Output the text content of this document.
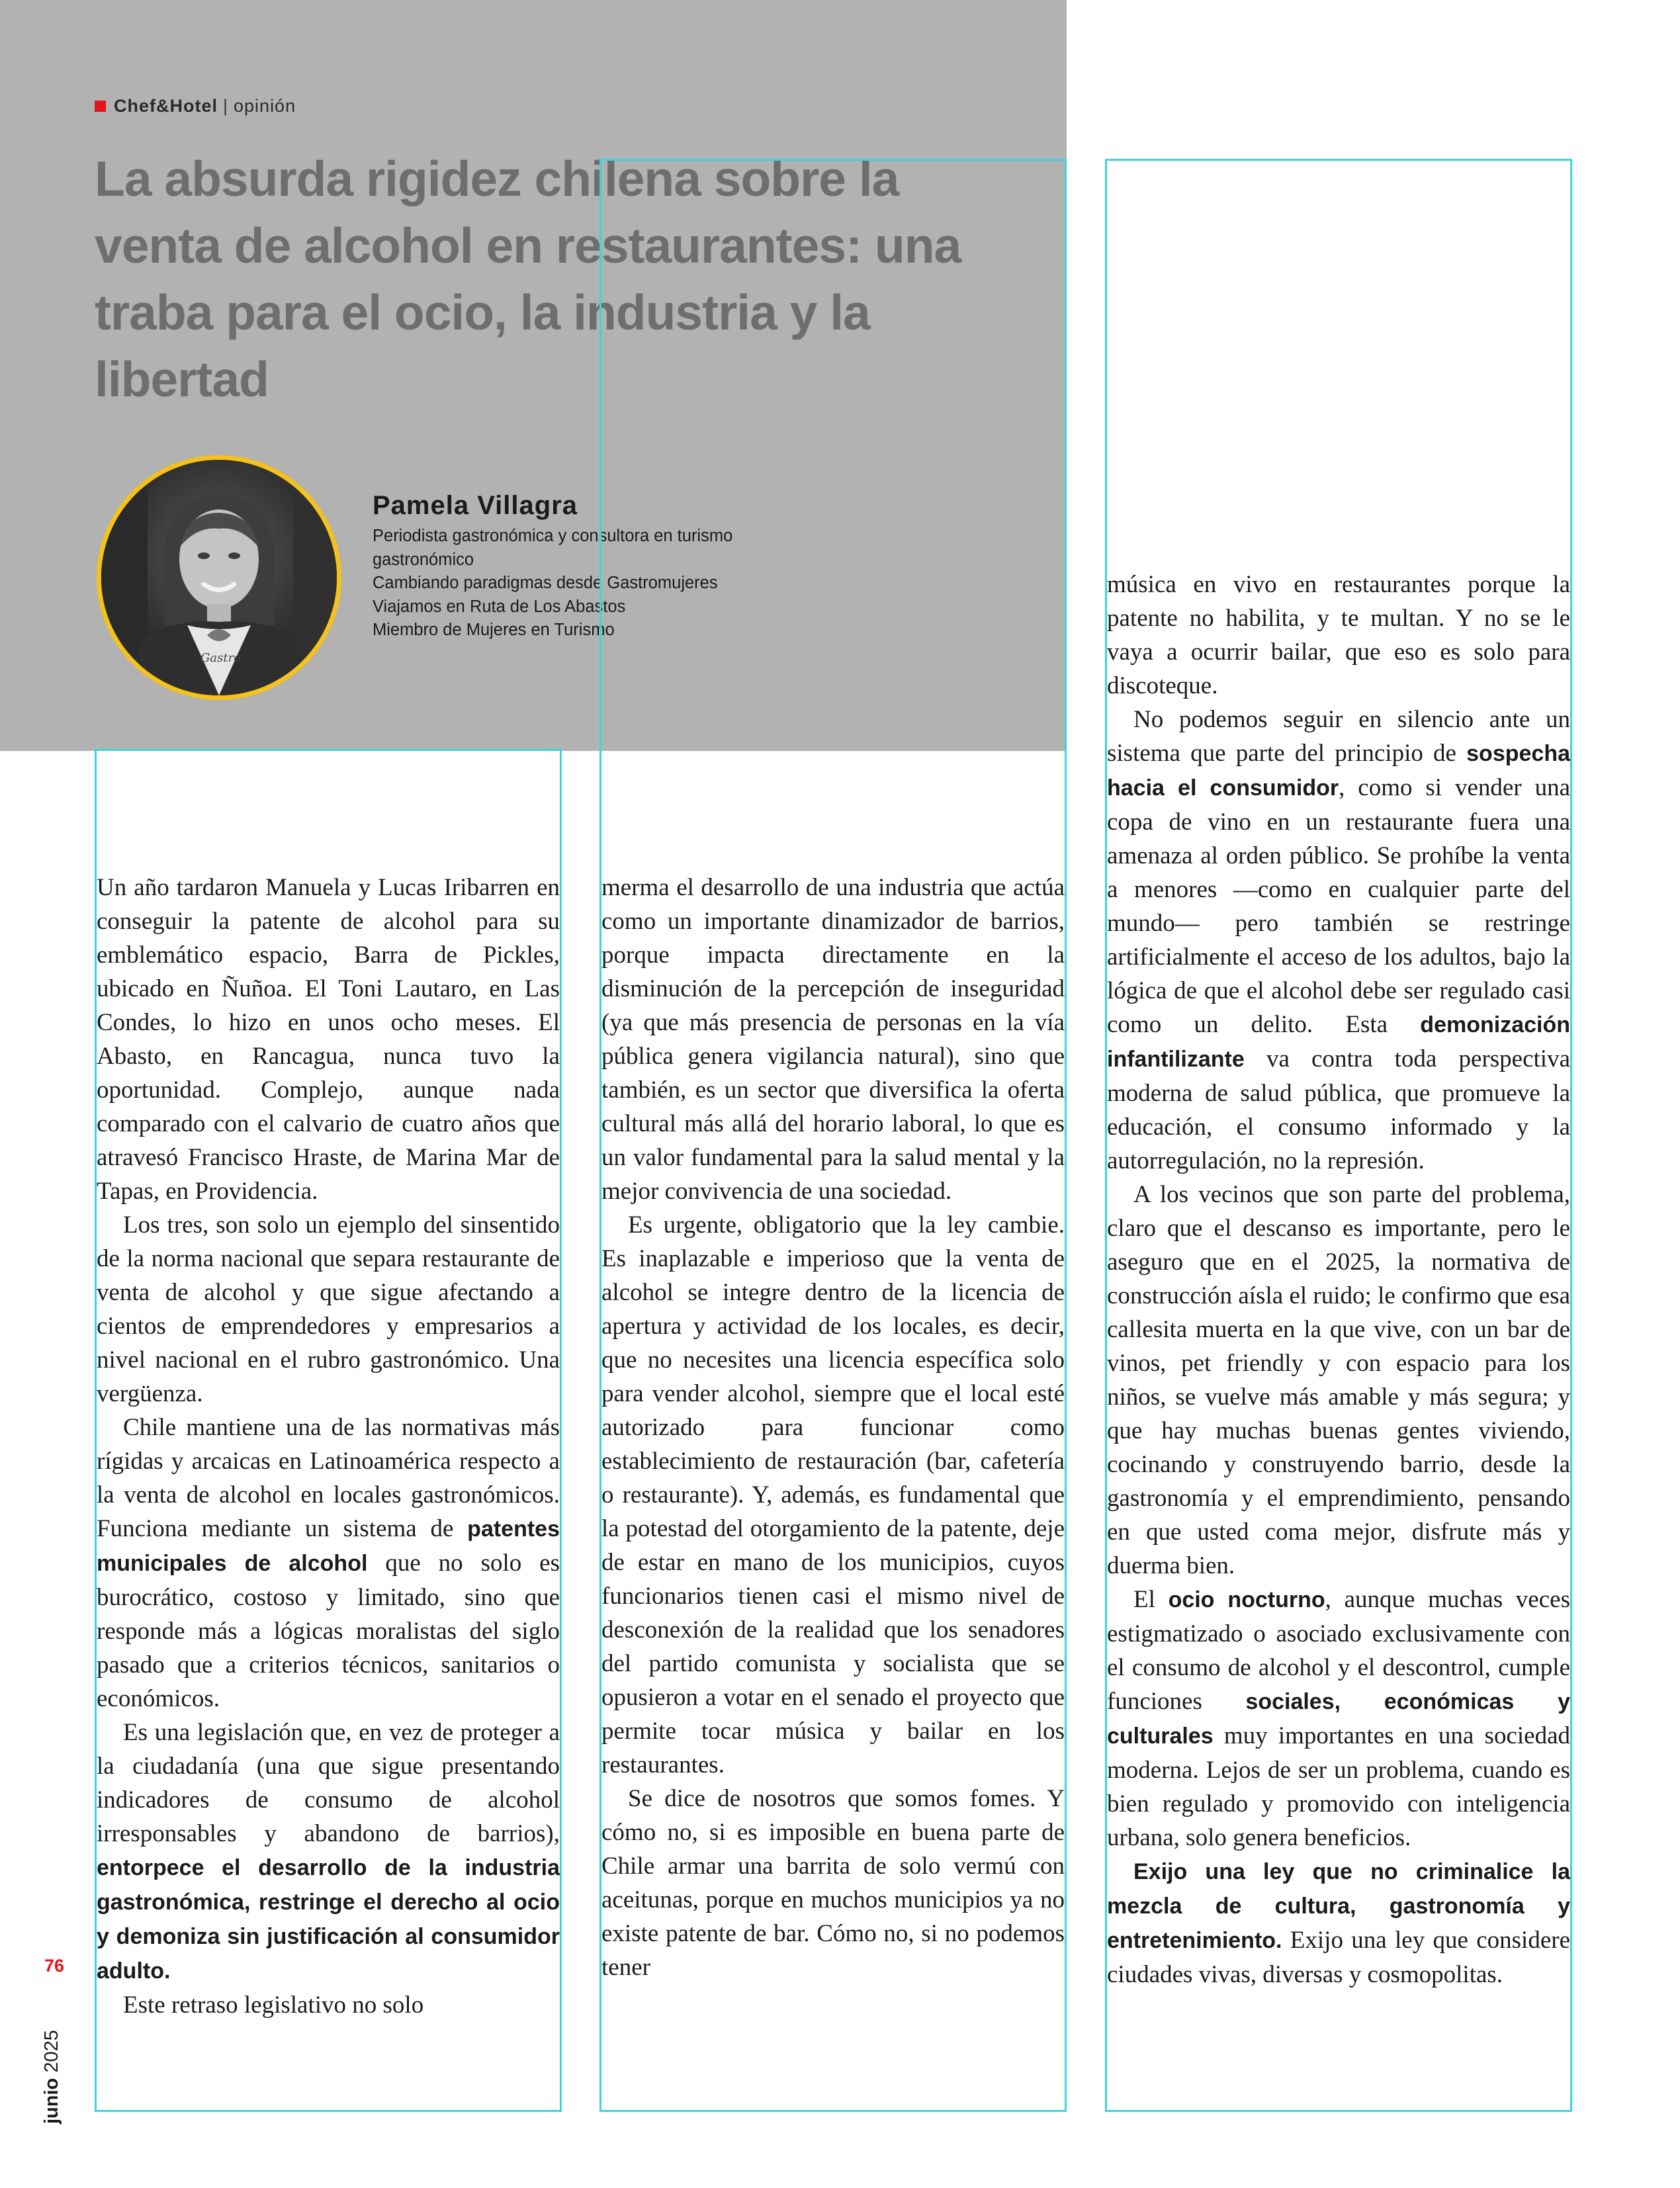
Chef&Hotel | opinión
La absurda rigidez chilena sobre la venta de alcohol en restaurantes: una traba para el ocio, la industria y la libertad
Gastro
Pamela Villagra
Periodista gastronómica y consultora en turismo gastronómico
Cambiando paradigmas desde Gastromujeres
Viajamos en Ruta de Los Abastos
Miembro de Mujeres en Turismo

Un año tardaron Manuela y Lucas Iribarren en conseguir la patente de alcohol para su emblemático espacio, Barra de Pickles, ubicado en Ñuñoa. El Toni Lautaro, en Las Condes, lo hizo en unos ocho meses. El Abasto, en Rancagua, nunca tuvo la oportunidad. Complejo, aunque nada comparado con el calvario de cuatro años que atravesó Francisco Hraste, de Marina Mar de Tapas, en Providencia.

Los tres, son solo un ejemplo del sinsentido de la norma nacional que separa restaurante de venta de alcohol y que sigue afectando a cientos de emprendedores y empresarios a nivel nacional en el rubro gastronómico. Una vergüenza.

Chile mantiene una de las normativas más rígidas y arcaicas en Latinoamérica respecto a la venta de alcohol en locales gastronómicos. Funciona mediante un sistema de patentes municipales de alcohol que no solo es burocrático, costoso y limitado, sino que responde más a lógicas moralistas del siglo pasado que a criterios técnicos, sanitarios o económicos.

Es una legislación que, en vez de proteger a la ciudadanía (una que sigue presentando indicadores de consumo de alcohol irresponsables y abandono de barrios), entorpece el desarrollo de la industria gastronómica, restringe el derecho al ocio y demoniza sin justificación al consumidor adulto.

Este retraso legislativo no solo

merma el desarrollo de una industria que actúa como un importante dinamizador de barrios, porque impacta directamente en la disminución de la percepción de inseguridad (ya que más presencia de personas en la vía pública genera vigilancia natural), sino que también, es un sector que diversifica la oferta cultural más allá del horario laboral, lo que es un valor fundamental para la salud mental y la mejor convivencia de una sociedad.

Es urgente, obligatorio que la ley cambie. Es inaplazable e imperioso que la venta de alcohol se integre dentro de la licencia de apertura y actividad de los locales, es decir, que no necesites una licencia específica solo para vender alcohol, siempre que el local esté autorizado para funcionar como establecimiento de restauración (bar, cafetería o restaurante). Y, además, es fundamental que la potestad del otorgamiento de la patente, deje de estar en mano de los municipios, cuyos funcionarios tienen casi el mismo nivel de desconexión de la realidad que los senadores del partido comunista y socialista que se opusieron a votar en el senado el proyecto que permite tocar música y bailar en los restaurantes.

Se dice de nosotros que somos fomes. Y cómo no, si es imposible en buena parte de Chile armar una barrita de solo vermú con aceitunas, porque en muchos municipios ya no existe patente de bar. Cómo no, si no podemos tener

música en vivo en restaurantes porque la patente no habilita, y te multan. Y no se le vaya a ocurrir bailar, que eso es solo para discoteque.

No podemos seguir en silencio ante un sistema que parte del principio de sospecha hacia el consumidor, como si vender una copa de vino en un restaurante fuera una amenaza al orden público. Se prohíbe la venta a menores —como en cualquier parte del mundo— pero también se restringe artificialmente el acceso de los adultos, bajo la lógica de que el alcohol debe ser regulado casi como un delito. Esta demonización infantilizante va contra toda perspectiva moderna de salud pública, que promueve la educación, el consumo informado y la autorregulación, no la represión.

A los vecinos que son parte del problema, claro que el descanso es importante, pero le aseguro que en el 2025, la normativa de construcción aísla el ruido; le confirmo que esa callesita muerta en la que vive, con un bar de vinos, pet friendly y con espacio para los niños, se vuelve más amable y más segura; y que hay muchas buenas gentes viviendo, cocinando y construyendo barrio, desde la gastronomía y el emprendimiento, pensando en que usted coma mejor, disfrute más y duerma bien.

El ocio nocturno, aunque muchas veces estigmatizado o asociado exclusivamente con el consumo de alcohol y el descontrol, cumple funciones sociales, económicas y culturales muy importantes en una sociedad moderna. Lejos de ser un problema, cuando es bien regulado y promovido con inteligencia urbana, solo genera beneficios.

Exijo una ley que no criminalice la mezcla de cultura, gastronomía y entretenimiento. Exijo una ley que considere ciudades vivas, diversas y cosmopolitas.

76
junio 2025
